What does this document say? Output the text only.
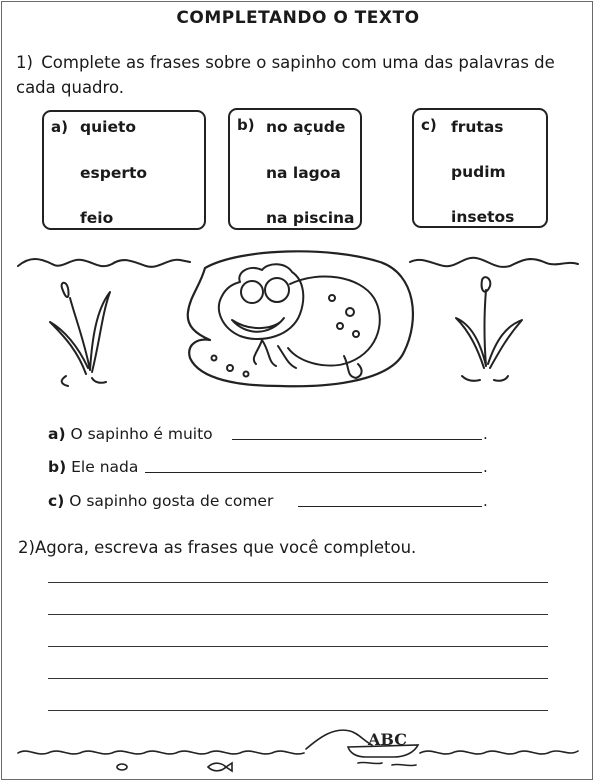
COMPLETANDO O TEXTO
1) Complete as frases sobre o sapinho com uma das palavras de
cada quadro.
a) quieto
esperto
feio
b) no açude
na lagoa
na piscina
c) frutas
pudim
insetos
a) O sapinho é muito	.
b) Ele nada	.
c) O sapinho gosta de comer	.
2)Agora, escreva as frases que você completou.
ABC
